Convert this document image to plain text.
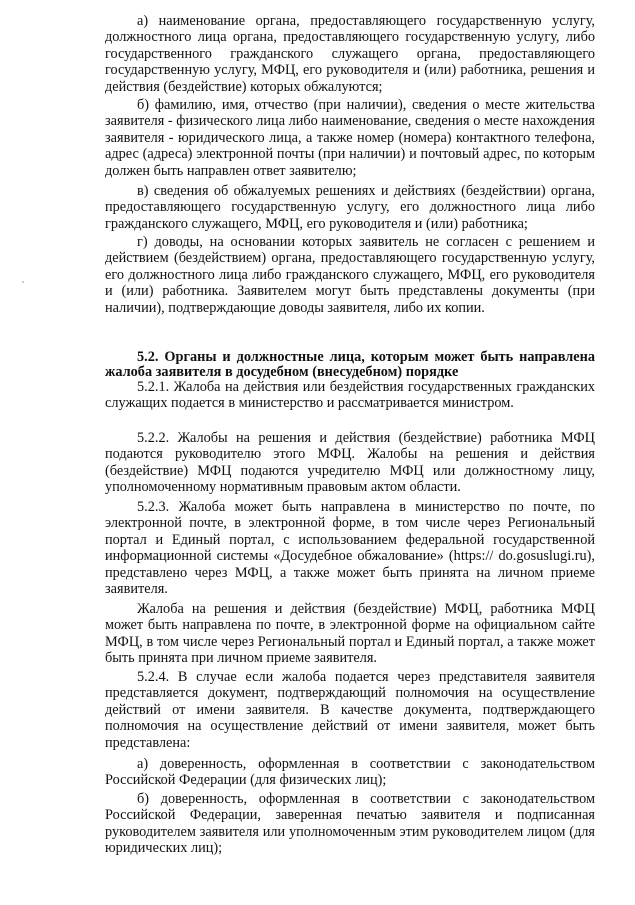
а) наименование органа, предоставляющего государственную услугу, должностного лица органа, предоставляющего государственную услугу, либо государственного гражданского служащего органа, предоставляющего государственную услугу, МФЦ, его руководителя и (или) работника, решения и действия (бездействие) которых обжалуются;

б) фамилию, имя, отчество (при наличии), сведения о месте жительства заявителя - физического лица либо наименование, сведения о месте нахождения заявителя - юридического лица, а также номер (номера) контактного телефона, адрес (адреса) электронной почты (при наличии) и почтовый адрес, по которым должен быть направлен ответ заявителю;

в) сведения об обжалуемых решениях и действиях (бездействии) органа, предоставляющего государственную услугу, его должностного лица либо гражданского служащего, МФЦ, его руководителя и (или) работника;

г) доводы, на основании которых заявитель не согласен с решением и действием (бездействием) органа, предоставляющего государственную услугу, его должностного лица либо гражданского служащего, МФЦ, его руководителя и (или) работника. Заявителем могут быть представлены документы (при наличии), подтверждающие доводы заявителя, либо их копии.

5.2. Органы и должностные лица, которым может быть направлена жалоба заявителя в досудебном (внесудебном) порядке

5.2.1. Жалоба на действия или бездействия государственных гражданских служащих подается в министерство и рассматривается министром.

5.2.2. Жалобы на решения и действия (бездействие) работника МФЦ подаются руководителю этого МФЦ. Жалобы на решения и действия (бездействие) МФЦ подаются учредителю МФЦ или должностному лицу, уполномоченному нормативным правовым актом области.

5.2.3. Жалоба может быть направлена в министерство по почте, по электронной почте, в электронной форме, в том числе через Региональный портал и Единый портал, с использованием федеральной государственной информационной системы «Досудебное обжалование» (https:// do.gosuslugi.ru), представлено через МФЦ, а также может быть принята на личном приеме заявителя.

Жалоба на решения и действия (бездействие) МФЦ, работника МФЦ может быть направлена по почте, в электронной форме на официальном сайте МФЦ, в том числе через Региональный портал и Единый портал, а также может быть принята при личном приеме заявителя.

5.2.4. В случае если жалоба подается через представителя заявителя представляется документ, подтверждающий полномочия на осуществление действий от имени заявителя. В качестве документа, подтверждающего полномочия на осуществление действий от имени заявителя, может быть представлена:

а) доверенность, оформленная в соответствии с законодательством Российской Федерации (для физических лиц);

б) доверенность, оформленная в соответствии с законодательством Российской Федерации, заверенная печатью заявителя и подписанная руководителем заявителя или уполномоченным этим руководителем лицом (для юридических лиц);
